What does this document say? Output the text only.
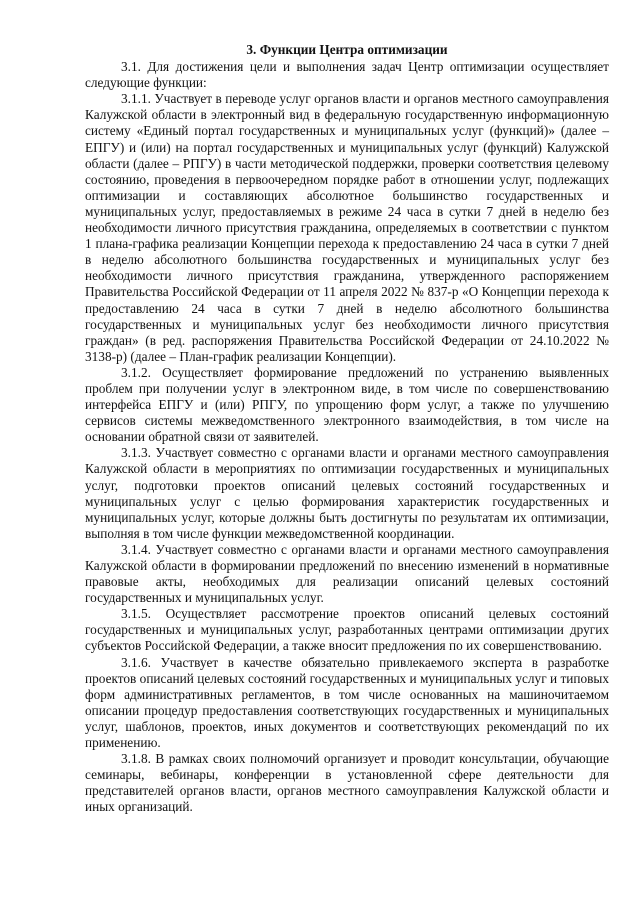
3. Функции Центра оптимизации

3.1. Для достижения цели и выполнения задач Центр оптимизации осуществляет следующие функции:

3.1.1. Участвует в переводе услуг органов власти и органов местного самоуправления Калужской области в электронный вид в федеральную государственную информационную систему «Единый портал государственных и муниципальных услуг (функций)» (далее – ЕПГУ) и (или) на портал государственных и муниципальных услуг (функций) Калужской области (далее – РПГУ) в части методической поддержки, проверки соответствия целевому состоянию, проведения в первоочередном порядке работ в отношении услуг, подлежащих оптимизации и составляющих абсолютное большинство государственных и муниципальных услуг, предоставляемых в режиме 24 часа в сутки 7 дней в неделю без необходимости личного присутствия гражданина, определяемых в соответствии с пунктом 1 плана-графика реализации Концепции перехода к предоставлению 24 часа в сутки 7 дней в неделю абсолютного большинства государственных и муниципальных услуг без необходимости личного присутствия гражданина, утвержденного распоряжением Правительства Российской Федерации от 11 апреля 2022 № 837-р «О Концепции перехода к предоставлению 24 часа в сутки 7 дней в неделю абсолютного большинства государственных и муниципальных услуг без необходимости личного присутствия граждан» (в ред. распоряжения Правительства Российской Федерации от 24.10.2022 № 3138-р) (далее – План-график реализации Концепции).

3.1.2. Осуществляет формирование предложений по устранению выявленных проблем при получении услуг в электронном виде, в том числе по совершенствованию интерфейса ЕПГУ и (или) РПГУ, по упрощению форм услуг, а также по улучшению сервисов системы межведомственного электронного взаимодействия, в том числе на основании обратной связи от заявителей.

3.1.3. Участвует совместно с органами власти и органами местного самоуправления Калужской области в мероприятиях по оптимизации государственных и муниципальных услуг, подготовки проектов описаний целевых состояний государственных и муниципальных услуг с целью формирования характеристик государственных и муниципальных услуг, которые должны быть достигнуты по результатам их оптимизации, выполняя в том числе функции межведомственной координации.

3.1.4. Участвует совместно с органами власти и органами местного самоуправления Калужской области в формировании предложений по внесению изменений в нормативные правовые акты, необходимых для реализации описаний целевых состояний государственных и муниципальных услуг.

3.1.5. Осуществляет рассмотрение проектов описаний целевых состояний государственных и муниципальных услуг, разработанных центрами оптимизации других субъектов Российской Федерации, а также вносит предложения по их совершенствованию.

3.1.6. Участвует в качестве обязательно привлекаемого эксперта в разработке проектов описаний целевых состояний государственных и муниципальных услуг и типовых форм административных регламентов, в том числе основанных на машиночитаемом описании процедур предоставления соответствующих государственных и муниципальных услуг, шаблонов, проектов, иных документов и соответствующих рекомендаций по их применению.

3.1.8. В рамках своих полномочий организует и проводит консультации, обучающие семинары, вебинары, конференции в установленной сфере деятельности для представителей органов власти, органов местного самоуправления Калужской области и иных организаций.
